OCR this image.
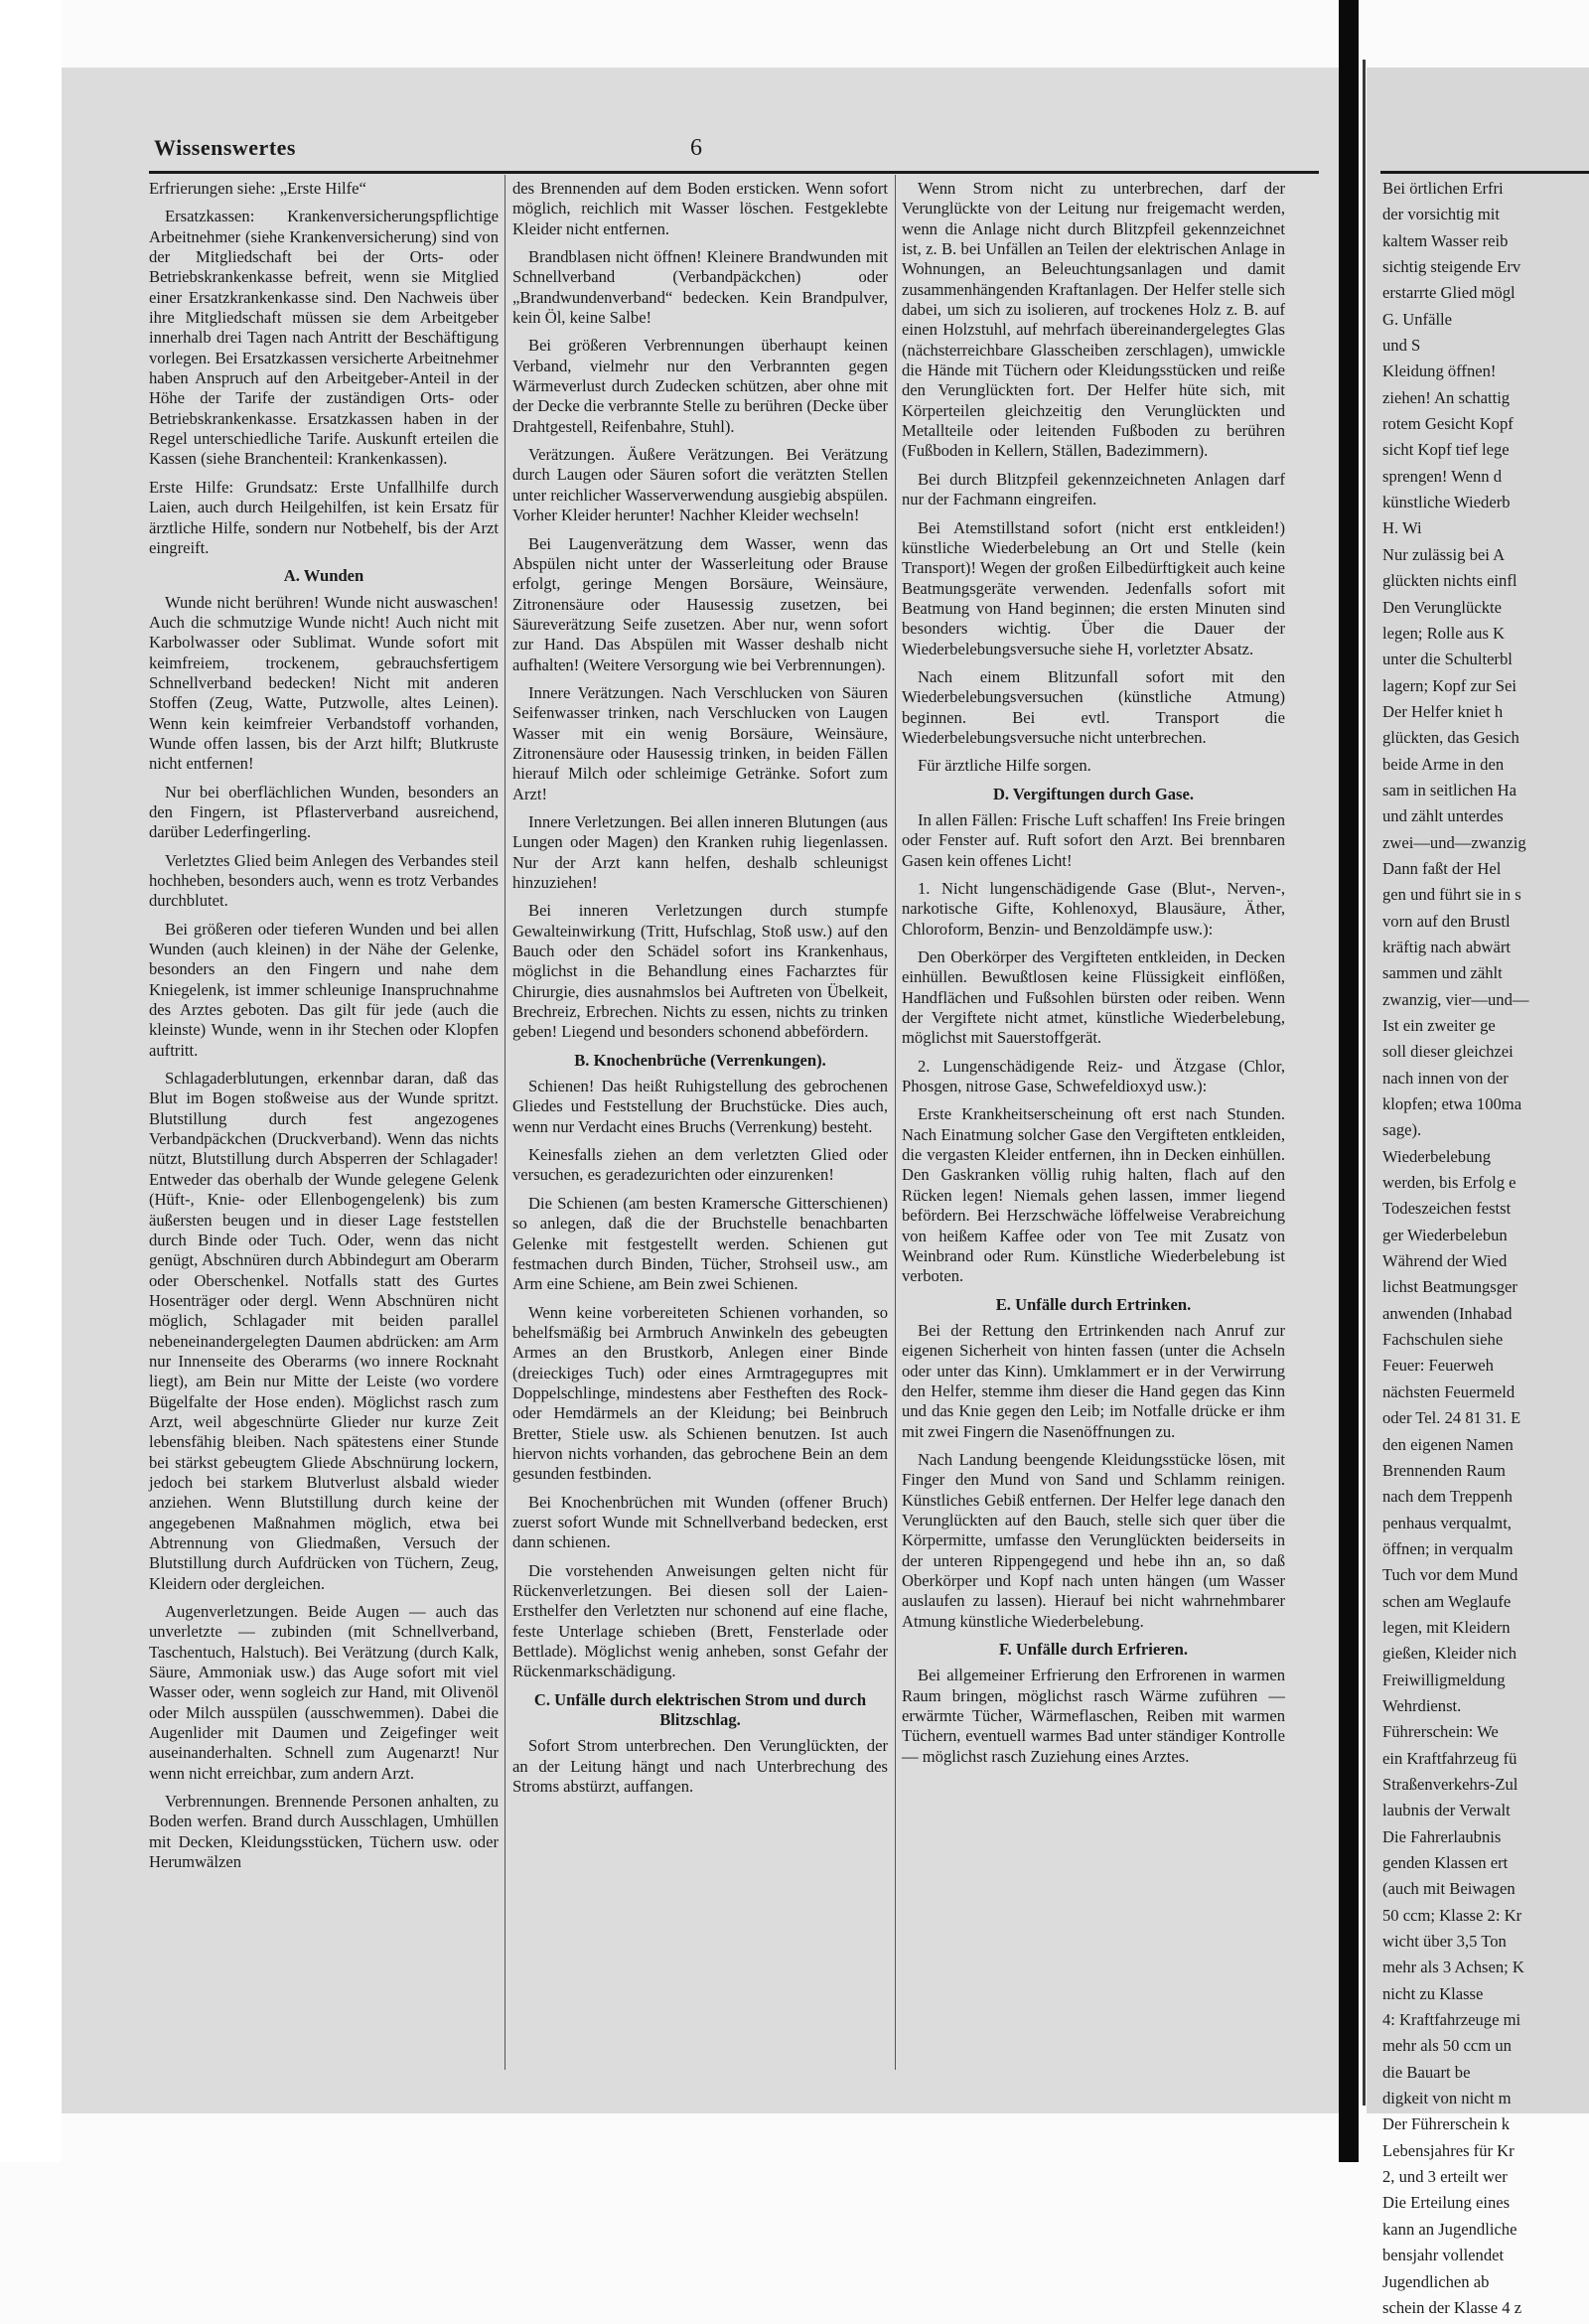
Wissenswertes	6

Erfrierungen siehe: „Erste Hilfe“

Ersatzkassen: Krankenversicherungspflichtige Arbeitnehmer (siehe Krankenversicherung) sind von der Mitgliedschaft bei der Orts- oder Betriebskrankenkasse befreit, wenn sie Mitglied einer Ersatzkrankenkasse sind. Den Nachweis über ihre Mitgliedschaft müssen sie dem Arbeitgeber innerhalb drei Tagen nach Antritt der Beschäftigung vorlegen. Bei Ersatzkassen versicherte Arbeitnehmer haben Anspruch auf den Arbeitgeber-Anteil in der Höhe der Tarife der zuständigen Orts- oder Betriebskrankenkasse. Ersatzkassen haben in der Regel unterschiedliche Tarife. Auskunft erteilen die Kassen (siehe Branchenteil: Krankenkassen).

Erste Hilfe: Grundsatz: Erste Unfallhilfe durch Laien, auch durch Heilgehilfen, ist kein Ersatz für ärztliche Hilfe, sondern nur Notbehelf, bis der Arzt eingreift.

A. Wunden

Wunde nicht berühren! Wunde nicht auswaschen! Auch die schmutzige Wunde nicht! Auch nicht mit Karbolwasser oder Sublimat. Wunde sofort mit keimfreiem, trockenem, gebrauchsfertigem Schnellverband bedecken! Nicht mit anderen Stoffen (Zeug, Watte, Putzwolle, altes Leinen). Wenn kein keimfreier Verbandstoff vorhanden, Wunde offen lassen, bis der Arzt hilft; Blutkruste nicht entfernen!

Nur bei oberflächlichen Wunden, besonders an den Fingern, ist Pflasterverband ausreichend, darüber Lederfingerling.

Verletztes Glied beim Anlegen des Verbandes steil hochheben, besonders auch, wenn es trotz Verbandes durchblutet.

Bei größeren oder tieferen Wunden und bei allen Wunden (auch kleinen) in der Nähe der Gelenke, besonders an den Fingern und nahe dem Kniegelenk, ist immer schleunige Inanspruchnahme des Arztes geboten. Das gilt für jede (auch die kleinste) Wunde, wenn in ihr Stechen oder Klopfen auftritt.

Schlagaderblutungen, erkennbar daran, daß das Blut im Bogen stoßweise aus der Wunde spritzt. Blutstillung durch fest angezogenes Verbandpäckchen (Druckverband). Wenn das nichts nützt, Blutstillung durch Absperren der Schlagader! Entweder das oberhalb der Wunde gelegene Gelenk (Hüft-, Knie- oder Ellenbogengelenk) bis zum äußersten beugen und in dieser Lage feststellen durch Binde oder Tuch. Oder, wenn das nicht genügt, Abschnüren durch Abbindegurt am Oberarm oder Oberschenkel. Notfalls statt des Gurtes Hosenträger oder dergl. Wenn Abschnüren nicht möglich, Schlagader mit beiden parallel nebeneinandergelegten Daumen abdrücken: am Arm nur Innenseite des Oberarms (wo innere Rocknaht liegt), am Bein nur Mitte der Leiste (wo vordere Bügelfalte der Hose enden). Möglichst rasch zum Arzt, weil abgeschnürte Glieder nur kurze Zeit lebensfähig bleiben. Nach spätestens einer Stunde bei stärkst gebeugtem Gliede Abschnürung lockern, jedoch bei starkem Blutverlust alsbald wieder anziehen. Wenn Blutstillung durch keine der angegebenen Maßnahmen möglich, etwa bei Abtrennung von Gliedmaßen, Versuch der Blutstillung durch Aufdrücken von Tüchern, Zeug, Kleidern oder dergleichen.

Augenverletzungen. Beide Augen — auch das unverletzte — zubinden (mit Schnellverband, Taschentuch, Halstuch). Bei Verätzung (durch Kalk, Säure, Ammoniak usw.) das Auge sofort mit viel Wasser oder, wenn sogleich zur Hand, mit Olivenöl oder Milch ausspülen (ausschwemmen). Dabei die Augenlider mit Daumen und Zeigefinger weit auseinanderhalten. Schnell zum Augenarzt! Nur wenn nicht erreichbar, zum andern Arzt.

Verbrennungen. Brennende Personen anhalten, zu Boden werfen. Brand durch Ausschlagen, Umhüllen mit Decken, Kleidungsstücken, Tüchern usw. oder Herumwälzen

des Brennenden auf dem Boden ersticken. Wenn sofort möglich, reichlich mit Wasser löschen. Festgeklebte Kleider nicht entfernen.

Brandblasen nicht öffnen! Kleinere Brandwunden mit Schnellverband (Verbandpäckchen) oder „Brandwundenverband“ bedecken. Kein Brandpulver, kein Öl, keine Salbe!

Bei größeren Verbrennungen überhaupt keinen Verband, vielmehr nur den Verbrannten gegen Wärmeverlust durch Zudecken schützen, aber ohne mit der Decke die verbrannte Stelle zu berühren (Decke über Drahtgestell, Reifenbahre, Stuhl).

Verätzungen. Äußere Verätzungen. Bei Verätzung durch Laugen oder Säuren sofort die verätzten Stellen unter reichlicher Wasserverwendung ausgiebig abspülen. Vorher Kleider herunter! Nachher Kleider wechseln!

Bei Laugenverätzung dem Wasser, wenn das Abspülen nicht unter der Wasserleitung oder Brause erfolgt, geringe Mengen Borsäure, Weinsäure, Zitronensäure oder Hausessig zusetzen, bei Säureverätzung Seife zusetzen. Aber nur, wenn sofort zur Hand. Das Abspülen mit Wasser deshalb nicht aufhalten! (Weitere Versorgung wie bei Verbrennungen).

Innere Verätzungen. Nach Verschlucken von Säuren Seifenwasser trinken, nach Verschlucken von Laugen Wasser mit ein wenig Borsäure, Weinsäure, Zitronensäure oder Hausessig trinken, in beiden Fällen hierauf Milch oder schleimige Getränke. Sofort zum Arzt!

Innere Verletzungen. Bei allen inneren Blutungen (aus Lungen oder Magen) den Kranken ruhig liegenlassen. Nur der Arzt kann helfen, deshalb schleunigst hinzuziehen!

Bei inneren Verletzungen durch stumpfe Gewalteinwirkung (Tritt, Hufschlag, Stoß usw.) auf den Bauch oder den Schädel sofort ins Krankenhaus, möglichst in die Behandlung eines Facharztes für Chirurgie, dies ausnahmslos bei Auftreten von Übelkeit, Brechreiz, Erbrechen. Nichts zu essen, nichts zu trinken geben! Liegend und besonders schonend abbefördern.

B. Knochenbrüche (Verrenkungen).

Schienen! Das heißt Ruhigstellung des gebrochenen Gliedes und Feststellung der Bruchstücke. Dies auch, wenn nur Verdacht eines Bruchs (Verrenkung) besteht.

Keinesfalls ziehen an dem verletzten Glied oder versuchen, es geradezurichten oder einzurenken!

Die Schienen (am besten Kramersche Gitterschienen) so anlegen, daß die der Bruchstelle benachbarten Gelenke mit festgestellt werden. Schienen gut festmachen durch Binden, Tücher, Strohseil usw., am Arm eine Schiene, am Bein zwei Schienen.

Wenn keine vorbereiteten Schienen vorhanden, so behelfsmäßig bei Armbruch Anwinkeln des gebeugten Armes an den Brustkorb, Anlegen einer Binde (dreieckiges Tuch) oder eines Armtrageguртes mit Doppelschlinge, mindestens aber Festheften des Rock- oder Hemdärmels an der Kleidung; bei Beinbruch Bretter, Stiele usw. als Schienen benutzen. Ist auch hiervon nichts vorhanden, das gebrochene Bein an dem gesunden festbinden.

Bei Knochenbrüchen mit Wunden (offener Bruch) zuerst sofort Wunde mit Schnellverband bedecken, erst dann schienen.

Die vorstehenden Anweisungen gelten nicht für Rückenverletzungen. Bei diesen soll der Laien-Ersthelfer den Verletzten nur schonend auf eine flache, feste Unterlage schieben (Brett, Fensterlade oder Bettlade). Möglichst wenig anheben, sonst Gefahr der Rückenmarkschädigung.

C. Unfälle durch elektrischen Strom und durch Blitzschlag.

Sofort Strom unterbrechen. Den Verunglückten, der an der Leitung hängt und nach Unterbrechung des Stroms abstürzt, auffangen.

Wenn Strom nicht zu unterbrechen, darf der Verunglückte von der Leitung nur freigemacht werden, wenn die Anlage nicht durch Blitzpfeil gekennzeichnet ist, z. B. bei Unfällen an Teilen der elektrischen Anlage in Wohnungen, an Beleuchtungsanlagen und damit zusammenhängenden Kraftanlagen. Der Helfer stelle sich dabei, um sich zu isolieren, auf trockenes Holz z. B. auf einen Holzstuhl, auf mehrfach übereinandergelegtes Glas (nächsterreichbare Glasscheiben zerschlagen), umwickle die Hände mit Tüchern oder Kleidungsstücken und reiße den Verunglückten fort. Der Helfer hüte sich, mit Körperteilen gleichzeitig den Verunglückten und Metallteile oder leitenden Fußboden zu berühren (Fußboden in Kellern, Ställen, Badezimmern).

Bei durch Blitzpfeil gekennzeichneten Anlagen darf nur der Fachmann eingreifen.

Bei Atemstillstand sofort (nicht erst entkleiden!) künstliche Wiederbelebung an Ort und Stelle (kein Transport)! Wegen der großen Eilbedürftigkeit auch keine Beatmungsgeräte verwenden. Jedenfalls sofort mit Beatmung von Hand beginnen; die ersten Minuten sind besonders wichtig. Über die Dauer der Wiederbelebungsversuche siehe H, vorletzter Absatz.

Nach einem Blitzunfall sofort mit den Wiederbelebungsversuchen (künstliche Atmung) beginnen. Bei evtl. Transport die Wiederbelebungsversuche nicht unterbrechen.

Für ärztliche Hilfe sorgen.

D. Vergiftungen durch Gase.

In allen Fällen: Frische Luft schaffen! Ins Freie bringen oder Fenster auf. Ruft sofort den Arzt. Bei brennbaren Gasen kein offenes Licht!

1. Nicht lungenschädigende Gase (Blut-, Nerven-, narkotische Gifte, Kohlenoxyd, Blausäure, Äther, Chloroform, Benzin- und Benzoldämpfe usw.):

Den Oberkörper des Vergifteten entkleiden, in Decken einhüllen. Bewußtlosen keine Flüssigkeit einflößen, Handflächen und Fußsohlen bürsten oder reiben. Wenn der Vergiftete nicht atmet, künstliche Wiederbelebung, möglichst mit Sauerstoffgerät.

2. Lungenschädigende Reiz- und Ätzgase (Chlor, Phosgen, nitrose Gase, Schwefeldioxyd usw.):

Erste Krankheitserscheinung oft erst nach Stunden. Nach Einatmung solcher Gase den Vergifteten entkleiden, die vergasten Kleider entfernen, ihn in Decken einhüllen. Den Gaskranken völlig ruhig halten, flach auf den Rücken legen! Niemals gehen lassen, immer liegend befördern. Bei Herzschwäche löffelweise Verabreichung von heißem Kaffee oder von Tee mit Zusatz von Weinbrand oder Rum. Künstliche Wiederbelebung ist verboten.

E. Unfälle durch Ertrinken.

Bei der Rettung den Ertrinkenden nach Anruf zur eigenen Sicherheit von hinten fassen (unter die Achseln oder unter das Kinn). Umklammert er in der Verwirrung den Helfer, stemme ihm dieser die Hand gegen das Kinn und das Knie gegen den Leib; im Notfalle drücke er ihm mit zwei Fingern die Nasenöffnungen zu.

Nach Landung beengende Kleidungsstücke lösen, mit Finger den Mund von Sand und Schlamm reinigen. Künstliches Gebiß entfernen. Der Helfer lege danach den Verunglückten auf den Bauch, stelle sich quer über die Körpermitte, umfasse den Verunglückten beiderseits in der unteren Rippengegend und hebe ihn an, so daß Oberkörper und Kopf nach unten hängen (um Wasser auslaufen zu lassen). Hierauf bei nicht wahrnehmbarer Atmung künstliche Wiederbelebung.

F. Unfälle durch Erfrieren.

Bei allgemeiner Erfrierung den Erfrorenen in warmen Raum bringen, möglichst rasch Wärme zuführen — erwärmte Tücher, Wärmeflaschen, Reiben mit warmen Tüchern, eventuell warmes Bad unter ständiger Kontrolle — möglichst rasch Zuziehung eines Arztes.

Bei örtlichen Erfri

der vorsichtig mit

kaltem Wasser reib

sichtig steigende Erv

erstarrte Glied mögl

G. Unfälle

und S

Kleidung öffnen!

ziehen! An schattig

rotem Gesicht Kopf

sicht Kopf tief lege

sprengen! Wenn d

künstliche Wiederb

H. Wi

Nur zulässig bei A

glückten nichts einfl

Den Verunglückte

legen; Rolle aus K

unter die Schulterbl

lagern; Kopf zur Sei

Der Helfer kniet h

glückten, das Gesich

beide Arme in den

sam in seitlichen Ha

und zählt unterdes

zwei—und—zwanzig

Dann faßt der Hel

gen und führt sie in s

vorn auf den Brustl

kräftig nach abwärt

sammen und zählt

zwanzig, vier—und—

Ist ein zweiter ge

soll dieser gleichzei

nach innen von der

klopfen; etwa 100ma

sage).

Wiederbelebung

werden, bis Erfolg e

Todeszeichen festst

ger Wiederbelebun

Während der Wied

lichst Beatmungsger

anwenden (Inhabad

Fachschulen siehe

Feuer: Feuerweh

nächsten Feuermeld

oder Tel. 24 81 31. E

den eigenen Namen

Brennenden Raum

nach dem Treppenh

penhaus verqualmt,

öffnen; in verqualm

Tuch vor dem Mund

schen am Weglaufe

legen, mit Kleidern

gießen, Kleider nich

Freiwilligmeldung

Wehrdienst.

Führerschein: We

ein Kraftfahrzeug fü

Straßenverkehrs-Zul

laubnis der Verwalt

Die Fahrerlaubnis

genden Klassen ert

(auch mit Beiwagen

50 ccm; Klasse 2: Kr

wicht über 3,5 Ton

mehr als 3 Achsen; K

nicht zu Klasse

4: Kraftfahrzeuge mi

mehr als 50 ccm un

die Bauart be

digkeit von nicht m

Der Führerschein k

Lebensjahres für Kr

2, und 3 erteilt wer

Die Erteilung eines

kann an Jugendliche

bensjahr vollendet

Jugendlichen ab

schein der Klasse 4 z
